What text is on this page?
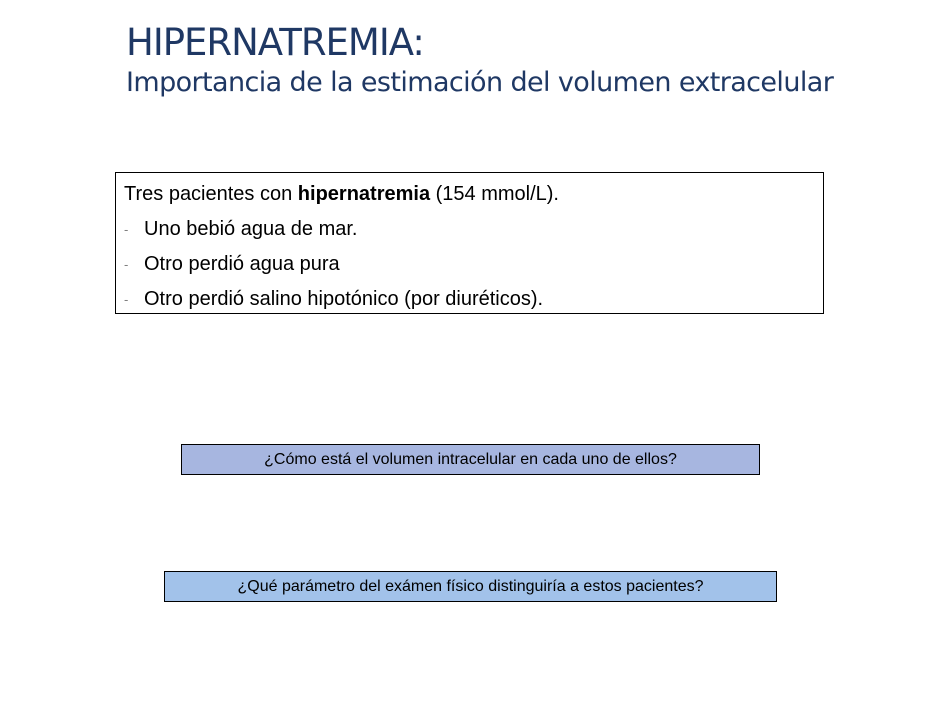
HIPERNATREMIA:
Importancia de la estimación del volumen extracelular
Tres pacientes con hipernatremia (154 mmol/L).
- Uno bebió agua de mar.
- Otro perdió agua pura
- Otro perdió salino hipotónico (por diuréticos).
¿Cómo está el volumen intracelular en cada uno de ellos?
¿Qué parámetro del exámen físico distinguiría a estos pacientes?
